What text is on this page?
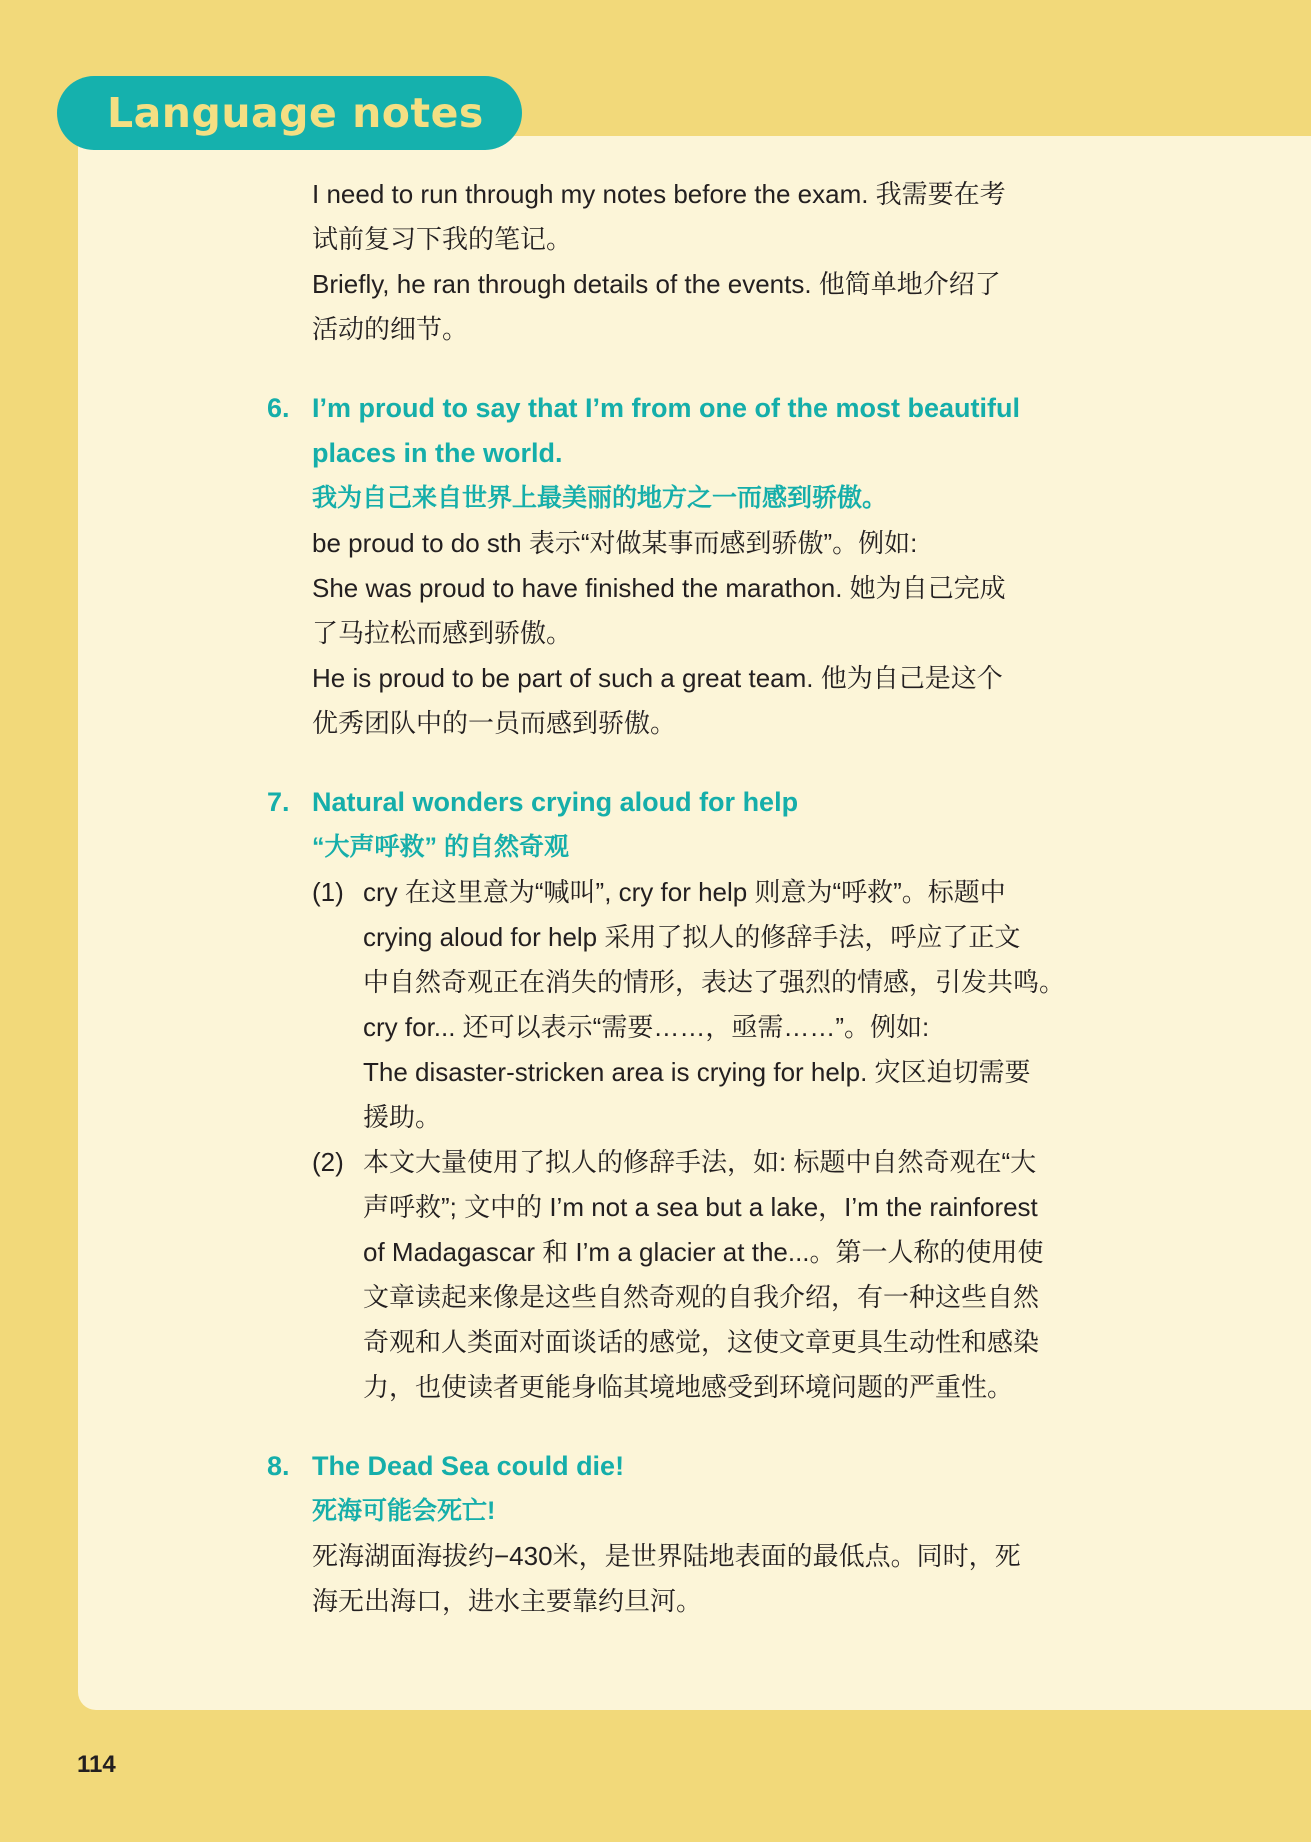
Language notes
I need to run through my notes before the exam. 我需要在考
试前复习下我的笔记。
Briefly, he ran through details of the events. 他简单地介绍了
活动的细节。
6. I’m proud to say that I’m from one of the most beautiful
places in the world.
我为自己来自世界上最美丽的地方之一而感到骄傲。
be proud to do sth 表示“对做某事而感到骄傲”。例如:
She was proud to have finished the marathon. 她为自己完成
了马拉松而感到骄傲。
He is proud to be part of such a great team. 他为自己是这个
优秀团队中的一员而感到骄傲。
7. Natural wonders crying aloud for help
“大声呼救” 的自然奇观
(1) cry 在这里意为“喊叫”, cry for help 则意为“呼救”。标题中
crying aloud for help 采用了拟人的修辞手法，呼应了正文
中自然奇观正在消失的情形，表达了强烈的情感，引发共鸣。
cry for... 还可以表示“需要……，亟需……”。例如:
The disaster-stricken area is crying for help. 灾区迫切需要
援助。
(2) 本文大量使用了拟人的修辞手法，如: 标题中自然奇观在“大
声呼救”; 文中的 I’m not a sea but a lake，I’m the rainforest
of Madagascar 和 I’m a glacier at the...。第一人称的使用使
文章读起来像是这些自然奇观的自我介绍，有一种这些自然
奇观和人类面对面谈话的感觉，这使文章更具生动性和感染
力，也使读者更能身临其境地感受到环境问题的严重性。
8. The Dead Sea could die!
死海可能会死亡!
死海湖面海拔约−430米，是世界陆地表面的最低点。同时，死
海无出海口，进水主要靠约旦河。
114
